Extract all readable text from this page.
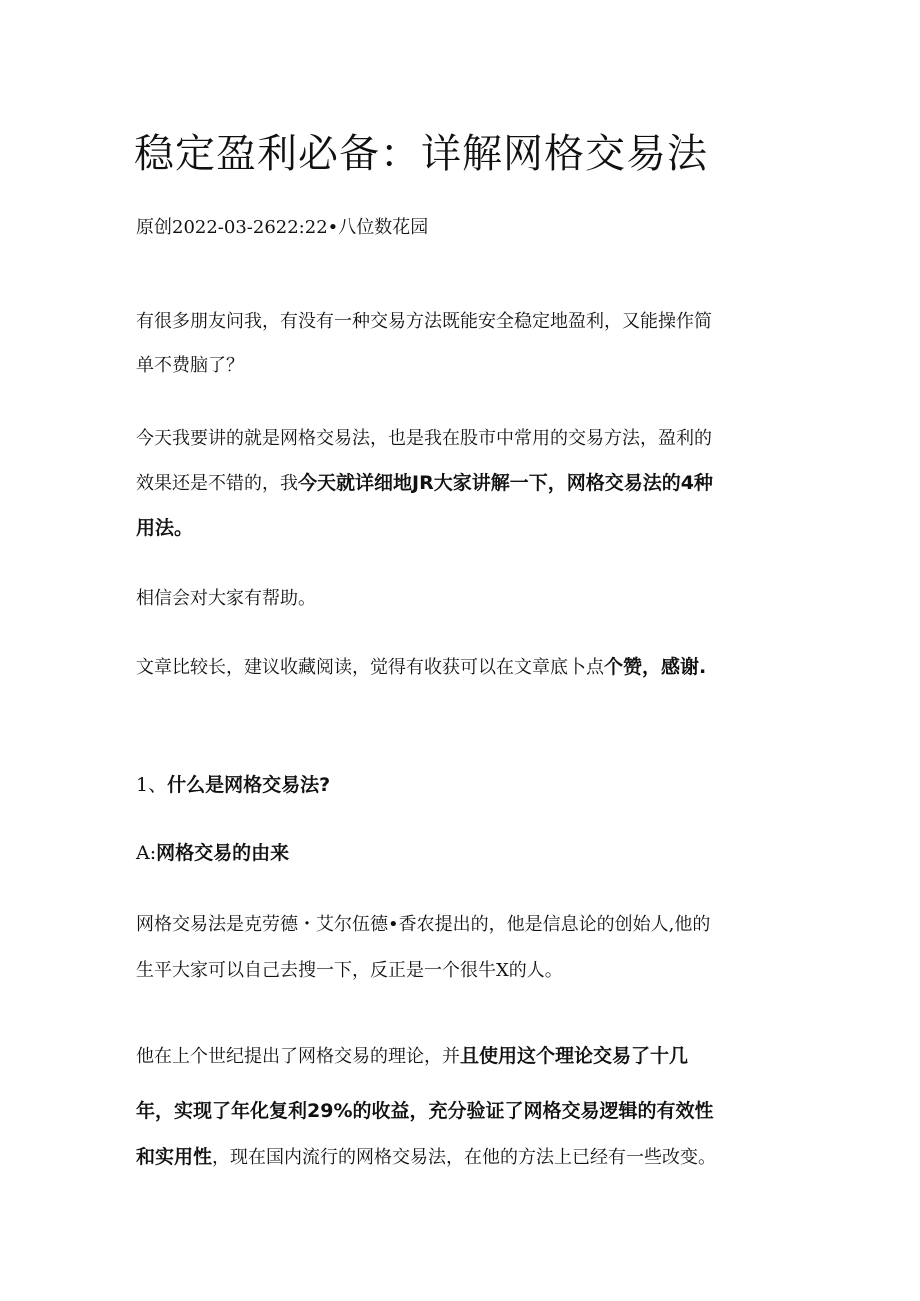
稳定盈利必备：详解网格交易法
原创2022-03-2622:22•八位数花园

有很多朋友问我，有没有一种交易方法既能安全稳定地盈利，又能操作简
单不费脑了？

今天我要讲的就是网格交易法，也是我在股市中常用的交易方法，盈利的
效果还是不错的，我今天就详细地JR大家讲解一下，网格交易法的4种
用法。

相信会对大家有帮助。

文章比较长，建议收藏阅读，觉得有收获可以在文章底卜点个赞，感谢.

1、什么是网格交易法?
A:网格交易的由来

网格交易法是克劳德・艾尔伍德•香农提出的，他是信息论的创始人,他的
生平大家可以自己去搜一下，反正是一个很牛X的人。

他在上个世纪提出了网格交易的理论，并且使用这个理论交易了十几
年，实现了年化复利29%的收益，充分验证了网格交易逻辑的有效性
和实用性，现在国内流行的网格交易法，在他的方法上已经有一些改变。
